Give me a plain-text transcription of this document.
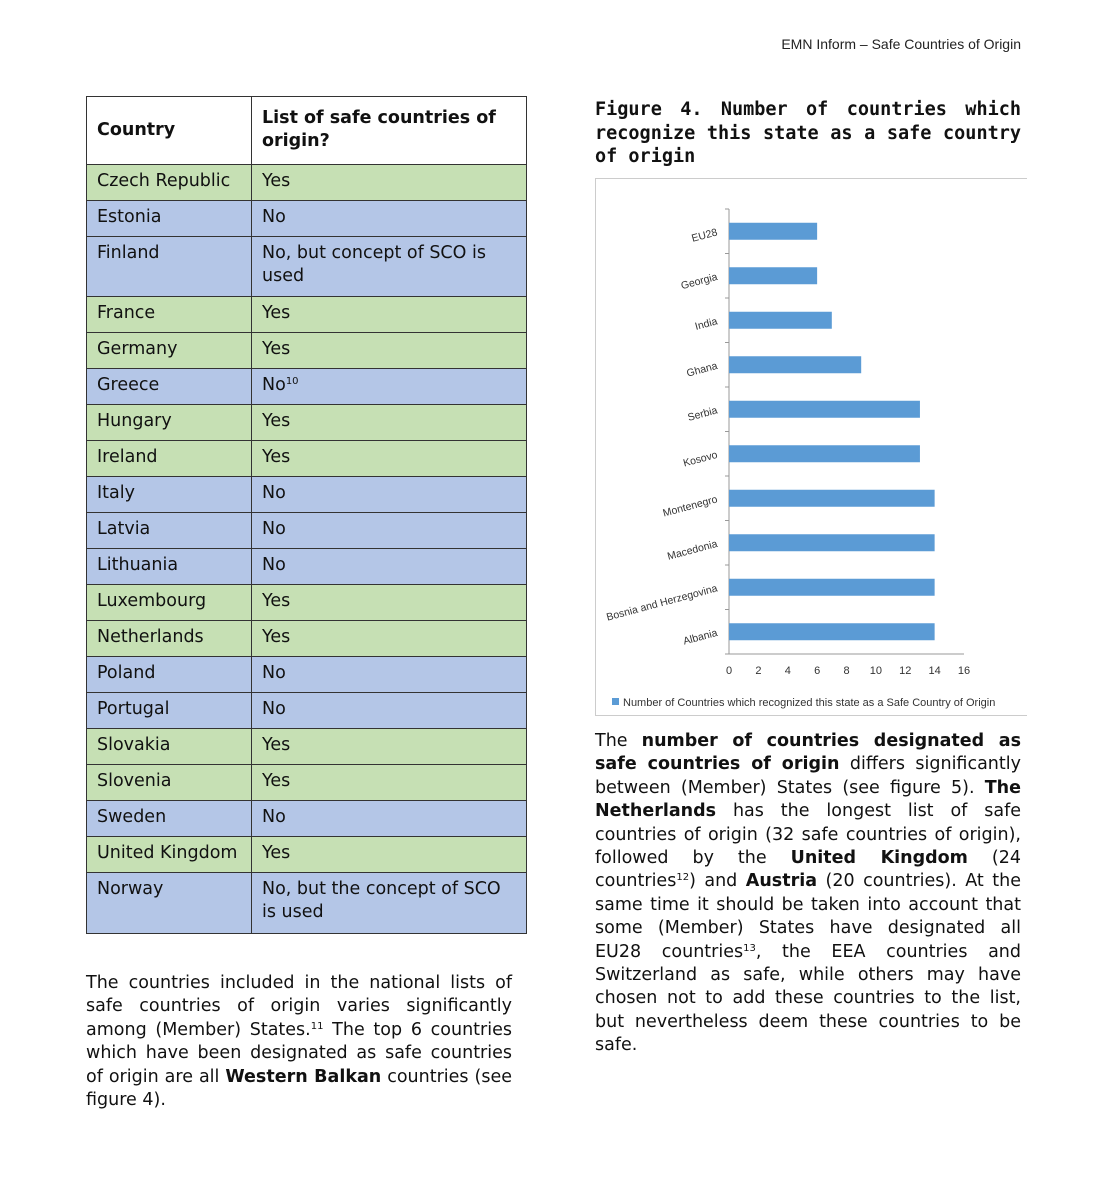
EMN Inform – Safe Countries of Origin
Country	List of safe countries of origin?
Czech Republic	Yes
Estonia	No
Finland	No, but concept of SCO is used
France	Yes
Germany	Yes
Greece	No$^{10}$
Hungary	Yes
Ireland	Yes
Italy	No
Latvia	No
Lithuania	No
Luxembourg	Yes
Netherlands	Yes
Poland	No
Portugal	No
Slovakia	Yes
Slovenia	Yes
Sweden	No
United Kingdom	Yes
Norway	No, but the concept of SCO is used
The countries included in the national lists of safe countries of origin varies significantly among (Member) States.$^{11}$ The top 6 countries which have been designated as safe countries of origin are all Western Balkan countries (see figure 4).
Figure 4. Number of countries which recognize this state as a safe country of origin
EU28
Georgia
India
Ghana
Serbia
Kosovo
Montenegro
Macedonia
Bosnia and Herzegovina
Albania
0 2 4 6 8 10 12 14 16
Number of Countries which recognized this state as a Safe Country of Origin
The number of countries designated as safe countries of origin differs significantly between (Member) States (see figure 5). The Netherlands has the longest list of safe countries of origin (32 safe countries of origin), followed by the United Kingdom (24 countries$^{12}$) and Austria (20 countries). At the same time it should be taken into account that some (Member) States have designated all EU28 countries$^{13}$, the EEA countries and Switzerland as safe, while others may have chosen not to add these countries to the list, but nevertheless deem these countries to be safe.
